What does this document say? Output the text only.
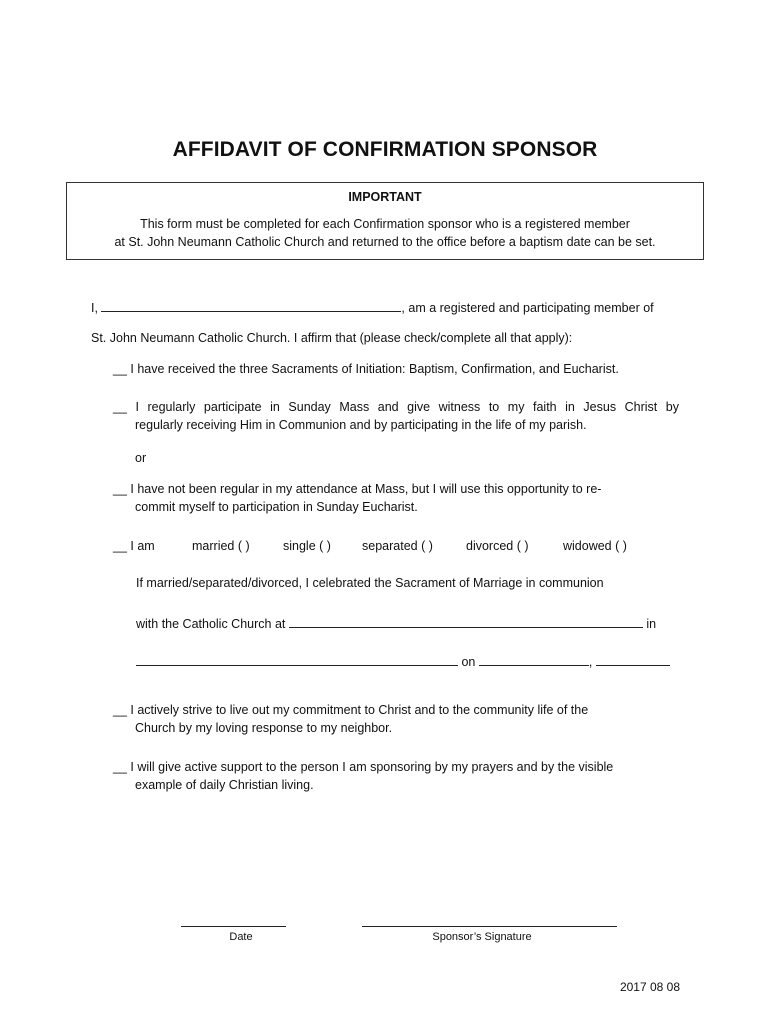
AFFIDAVIT OF CONFIRMATION SPONSOR
IMPORTANT
This form must be completed for each Confirmation sponsor who is a registered member
at St. John Neumann Catholic Church and returned to the office before a baptism date can be set.
I,	, am a registered and participating member of
St. John Neumann Catholic Church. I affirm that (please check/complete all that apply):
__ I have received the three Sacraments of Initiation: Baptism, Confirmation, and Eucharist.
__ I regularly participate in Sunday Mass and give witness to my faith in Jesus Christ by
regularly receiving Him in Communion and by participating in the life of my parish.
or
__ I have not been regular in my attendance at Mass, but I will use this opportunity to re-
commit myself to participation in Sunday Eucharist.
__ I am	married ( )	single ( ) separated ( )	divorced ( )	widowed ( )
If married/separated/divorced, I celebrated the Sacrament of Marriage in communion
with the Catholic Church at	in
on	,
__ I actively strive to live out my commitment to Christ and to the community life of the
Church by my loving response to my neighbor.
__ I will give active support to the person I am sponsoring by my prayers and by the visible
example of daily Christian living.
Date	Sponsor’s Signature
2017 08 08
